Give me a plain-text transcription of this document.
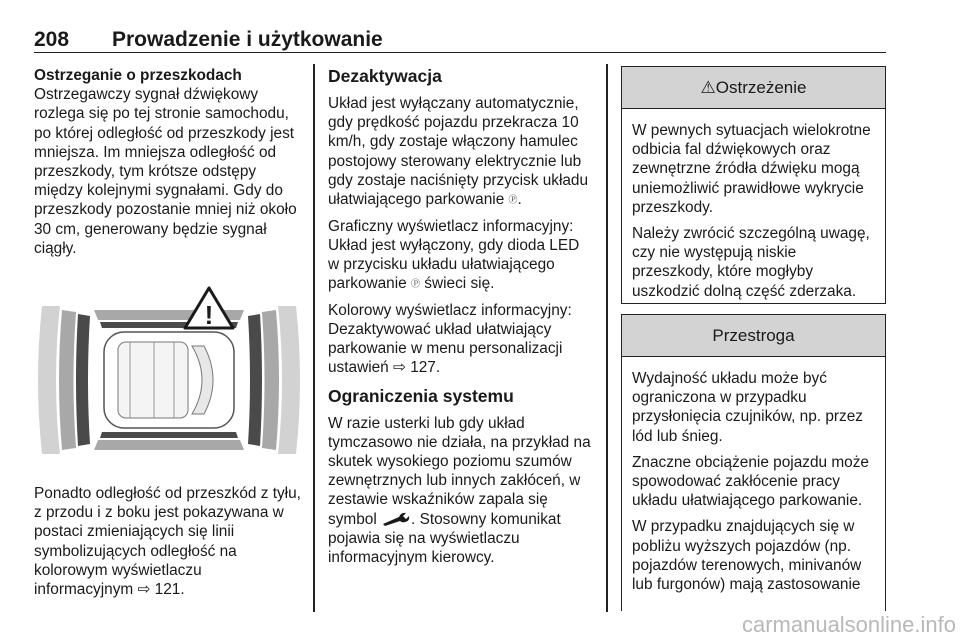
208 Prowadzenie i użytkowanie

Ostrzeganie o przeszkodach
Ostrzegawczy sygnał dźwiękowy rozlega się po tej stronie samochodu, po której odległość od przeszkody jest mniejsza. Im mniejsza odległość od przeszkody, tym krótsze odstępy między kolejnymi sygnałami. Gdy do przeszkody pozostanie mniej niż około 30 cm, generowany będzie sygnał ciągły.

!

Ponadto odległość od przeszkód z tyłu, z przodu i z boku jest pokazywana w postaci zmieniających się linii symbolizujących odległość na kolorowym wyświetlaczu informacyjnym ⇨ 121.

Dezaktywacja

Układ jest wyłączany automatycznie, gdy prędkość pojazdu przekracza 10 km/h, gdy zostaje włączony hamulec postojowy sterowany elektrycznie lub gdy zostaje naciśnięty przycisk układu ułatwiającego parkowanie Ⓟ.

Graficzny wyświetlacz informacyjny: Układ jest wyłączony, gdy dioda LED w przycisku układu ułatwiającego parkowanie Ⓟ świeci się.

Kolorowy wyświetlacz informacyjny: Dezaktywować układ ułatwiający parkowanie w menu personalizacji ustawień ⇨ 127.

Ograniczenia systemu

W razie usterki lub gdy układ tymczasowo nie działa, na przykład na skutek wysokiego poziomu szumów zewnętrznych lub innych zakłóceń, w zestawie wskaźników zapala się symbol . Stosowny komunikat pojawia się na wyświetlaczu informacyjnym kierowcy.

⚠Ostrzeżenie

W pewnych sytuacjach wielokrotne odbicia fal dźwiękowych oraz zewnętrzne źródła dźwięku mogą uniemożliwić prawidłowe wykrycie przeszkody.

Należy zwrócić szczególną uwagę, czy nie występują niskie przeszkody, które mogłyby uszkodzić dolną część zderzaka.

Przestroga

Wydajność układu może być ograniczona w przypadku przysłonięcia czujników, np. przez lód lub śnieg.

Znaczne obciążenie pojazdu może spowodować zakłócenie pracy układu ułatwiającego parkowanie.

W przypadku znajdujących się w pobliżu wyższych pojazdów (np. pojazdów terenowych, minivanów lub furgonów) mają zastosowanie

carmanualsonline.info
